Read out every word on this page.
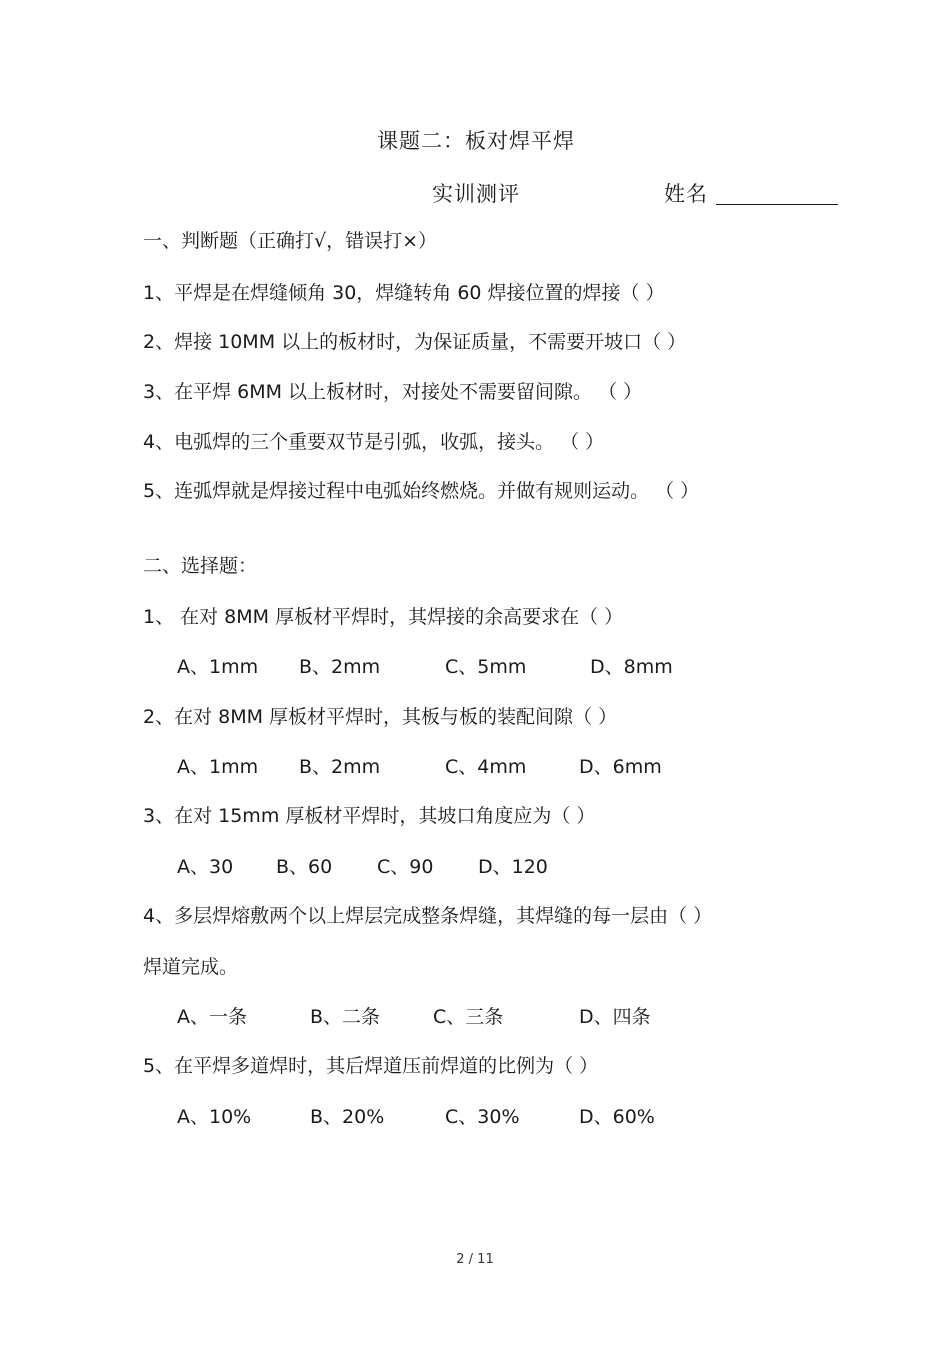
课题二：板对焊平焊
实训测评	姓名
一、判断题（正确打√，错误打×）
1、平焊是在焊缝倾角 30，焊缝转角 60 焊接位置的焊接（ ）
2、焊接 10MM 以上的板材时，为保证质量，不需要开坡口（ ）
3、在平焊 6MM 以上板材时，对接处不需要留间隙。 （ ）
4、电弧焊的三个重要双节是引弧，收弧，接头。 （ ）
5、连弧焊就是焊接过程中电弧始终燃烧。并做有规则运动。 （ ）
二、选择题：
1、 在对 8MM 厚板材平焊时，其焊接的余高要求在（ ）
A、1mm B、2mm	C、5mm	D、8mm
2、在对 8MM 厚板材平焊时，其板与板的装配间隙（ ）
A、1mm B、2mm	C、4mm	D、6mm
3、在对 15mm 厚板材平焊时，其坡口角度应为（ ）
A、30 B、60 C、90 D、120
4、多层焊熔敷两个以上焊层完成整条焊缝，其焊缝的每一层由（ ）
焊道完成。
A、一条	B、二条	C、三条	D、四条
5、在平焊多道焊时，其后焊道压前焊道的比例为（ ）
A、10%	B、20%	C、30%	D、60%
2 / 11
